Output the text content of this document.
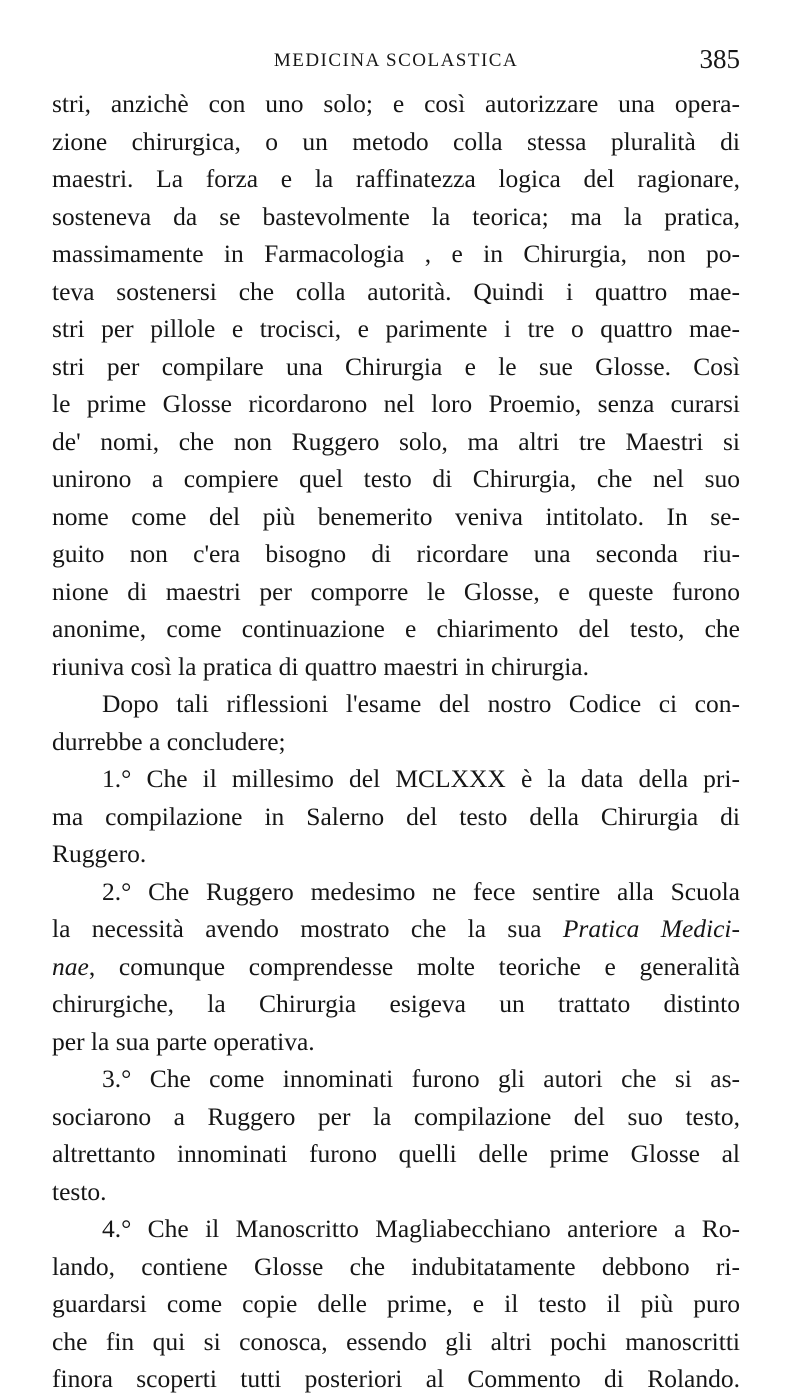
MEDICINA SCOLASTICA	385
stri, anzichè con uno solo; e così autorizzare una opera-
zione chirurgica, o un metodo colla stessa pluralità di
maestri. La forza e la raffinatezza logica del ragionare,
sosteneva da se bastevolmente la teorica; ma la pratica,
massimamente in Farmacologia , e in Chirurgia, non po-
teva sostenersi che colla autorità. Quindi i quattro mae-
stri per pillole e trocisci, e parimente i tre o quattro mae-
stri per compilare una Chirurgia e le sue Glosse. Così
le prime Glosse ricordarono nel loro Proemio, senza curarsi
de' nomi, che non Ruggero solo, ma altri tre Maestri si
unirono a compiere quel testo di Chirurgia, che nel suo
nome come del più benemerito veniva intitolato. In se-
guito non c'era bisogno di ricordare una seconda riu-
nione di maestri per comporre le Glosse, e queste furono
anonime, come continuazione e chiarimento del testo, che
riuniva così la pratica di quattro maestri in chirurgia.
Dopo tali riflessioni l'esame del nostro Codice ci con-
durrebbe a concludere;
1.° Che il millesimo del MCLXXX è la data della pri-
ma compilazione in Salerno del testo della Chirurgia di
Ruggero.
2.° Che Ruggero medesimo ne fece sentire alla Scuola
la necessità avendo mostrato che la sua Pratica Medici-
nae, comunque comprendesse molte teoriche e generalità
chirurgiche, la Chirurgia esigeva un trattato distinto
per la sua parte operativa.
3.° Che come innominati furono gli autori che si as-
sociarono a Ruggero per la compilazione del suo testo,
altrettanto innominati furono quelli delle prime Glosse al
testo.
4.° Che il Manoscritto Magliabecchiano anteriore a Ro-
lando, contiene Glosse che indubitatamente debbono ri-
guardarsi come copie delle prime, e il testo il più puro
che fin qui si conosca, essendo gli altri pochi manoscritti
finora scoperti tutti posteriori al Commento di Rolando.
